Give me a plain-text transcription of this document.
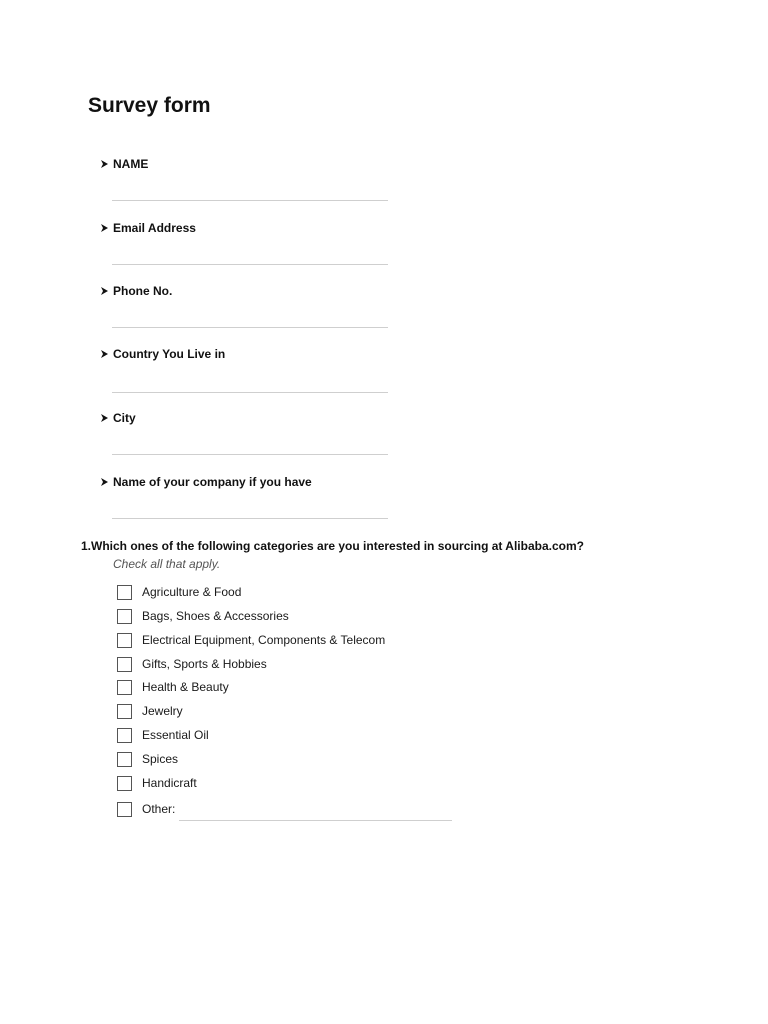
Survey form
NAME
Email Address
Phone No.
Country You Live in
City
Name of your company if you have
1.Which ones of the following categories are you interested in sourcing at Alibaba.com?
Check all that apply.
Agriculture & Food
Bags, Shoes & Accessories
Electrical Equipment, Components & Telecom
Gifts, Sports & Hobbies
Health & Beauty
Jewelry
Essential Oil
Spices
Handicraft
Other:
